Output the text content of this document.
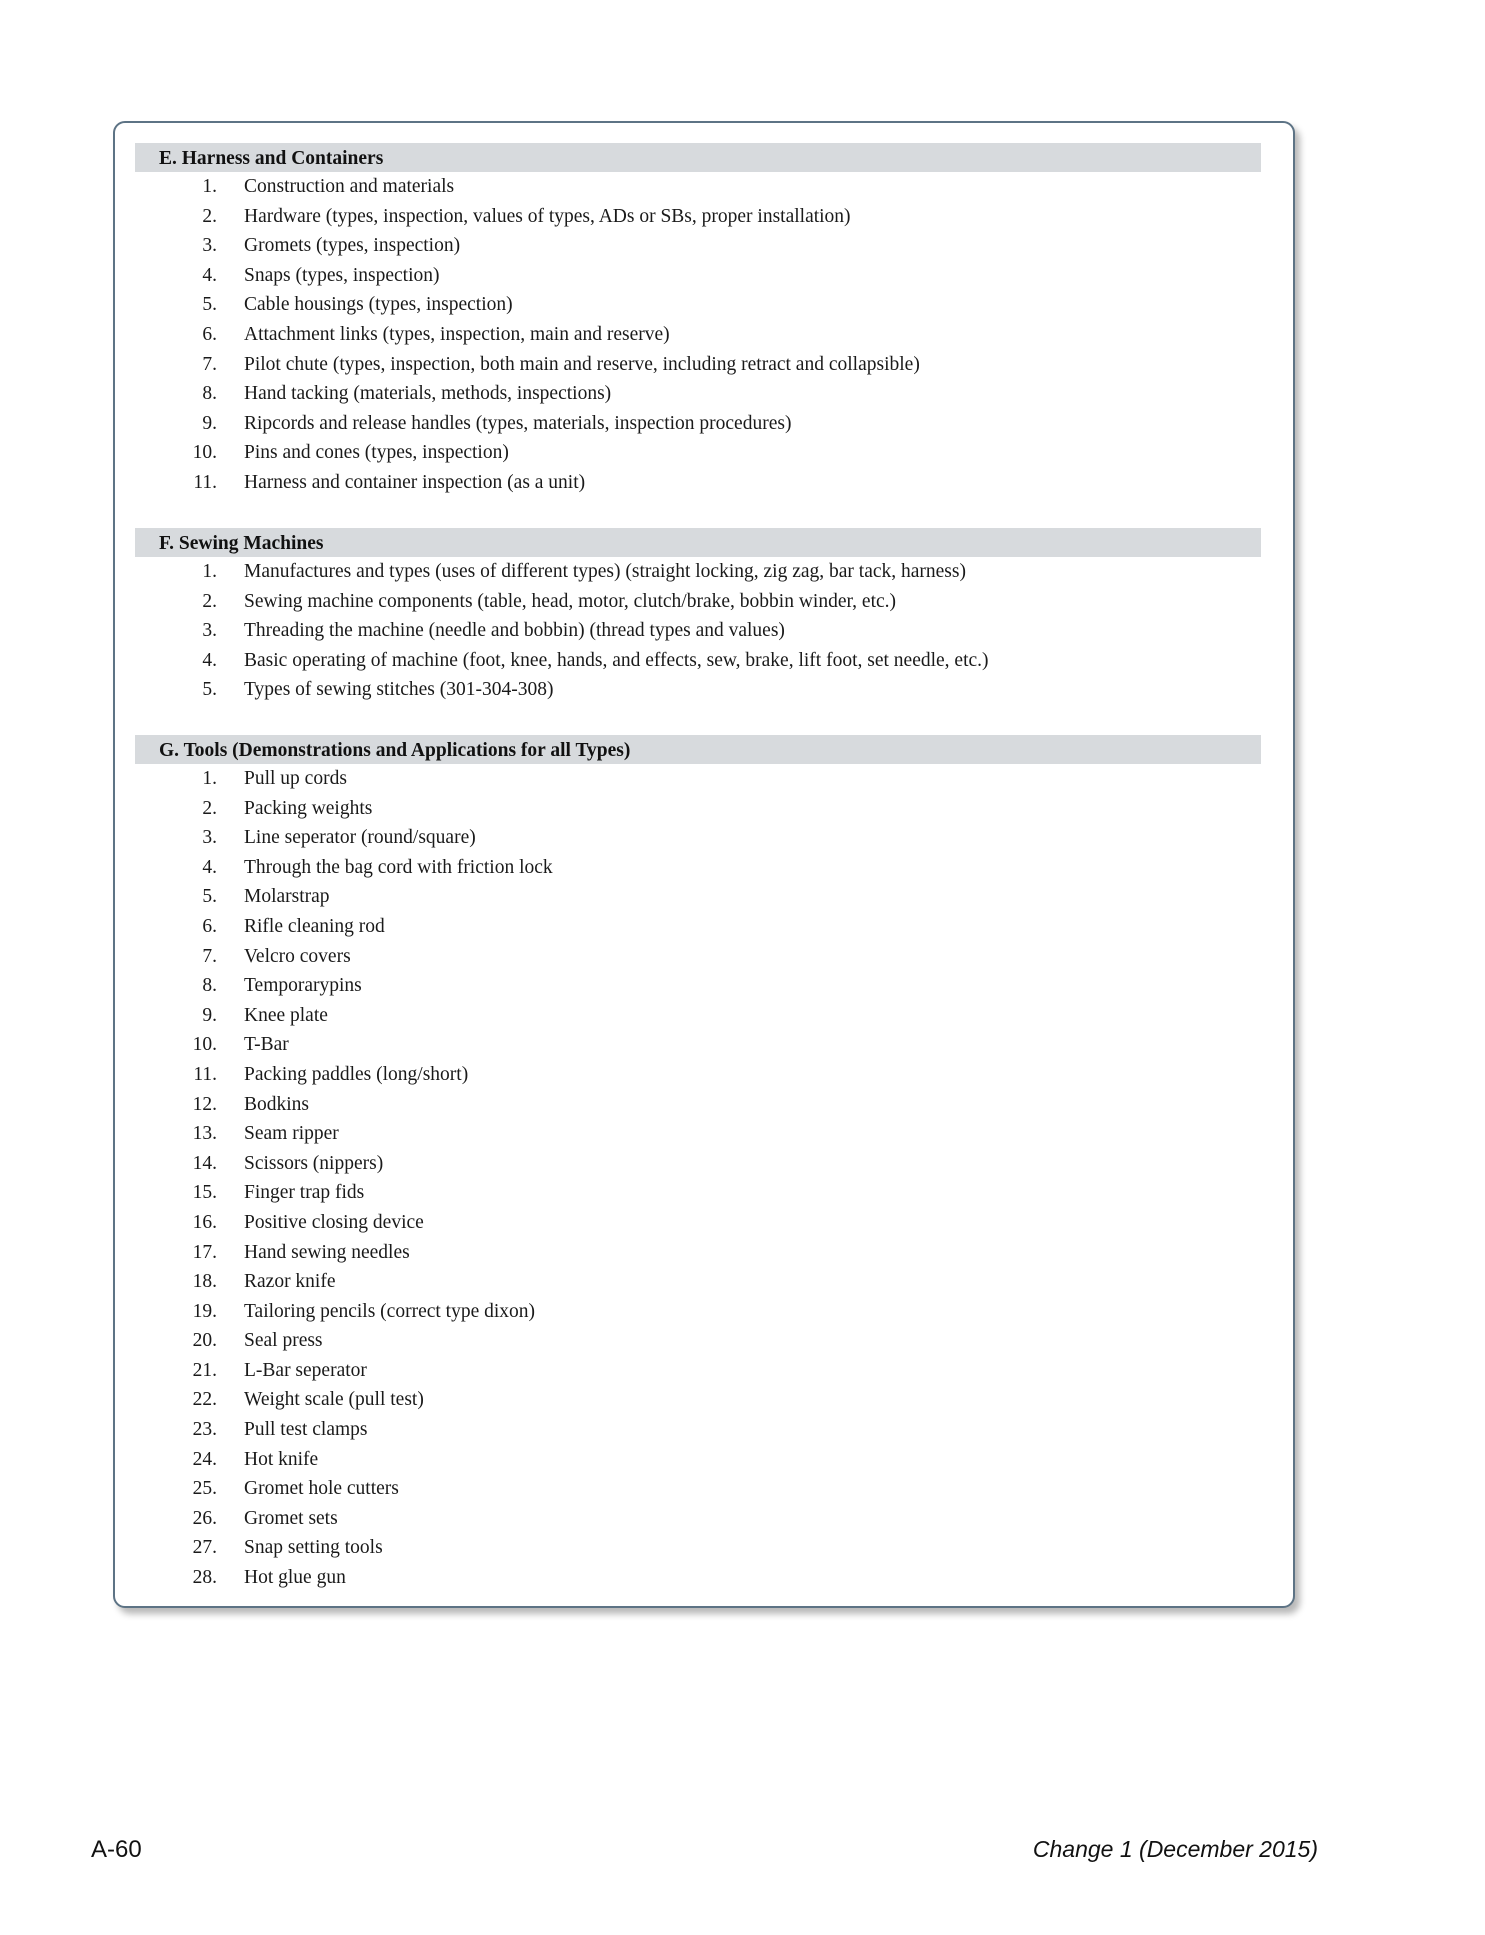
E. Harness and Containers
1. Construction and materials
2. Hardware (types, inspection, values of types, ADs or SBs, proper installation)
3. Gromets (types, inspection)
4. Snaps (types, inspection)
5. Cable housings (types, inspection)
6. Attachment links (types, inspection, main and reserve)
7. Pilot chute (types, inspection, both main and reserve, including retract and collapsible)
8. Hand tacking (materials, methods, inspections)
9. Ripcords and release handles (types, materials, inspection procedures)
10. Pins and cones (types, inspection)
11. Harness and container inspection (as a unit)
F. Sewing Machines
1. Manufactures and types (uses of different types) (straight locking, zig zag, bar tack, harness)
2. Sewing machine components (table, head, motor, clutch/brake, bobbin winder, etc.)
3. Threading the machine (needle and bobbin) (thread types and values)
4. Basic operating of machine (foot, knee, hands, and effects, sew, brake, lift foot, set needle, etc.)
5. Types of sewing stitches (301-304-308)
G. Tools (Demonstrations and Applications for all Types)
1. Pull up cords
2. Packing weights
3. Line seperator (round/square)
4. Through the bag cord with friction lock
5. Molarstrap
6. Rifle cleaning rod
7. Velcro covers
8. Temporarypins
9. Knee plate
10. T-Bar
11. Packing paddles (long/short)
12. Bodkins
13. Seam ripper
14. Scissors (nippers)
15. Finger trap fids
16. Positive closing device
17. Hand sewing needles
18. Razor knife
19. Tailoring pencils (correct type dixon)
20. Seal press
21. L-Bar seperator
22. Weight scale (pull test)
23. Pull test clamps
24. Hot knife
25. Gromet hole cutters
26. Gromet sets
27. Snap setting tools
28. Hot glue gun
A-60	Change 1 (December 2015)
